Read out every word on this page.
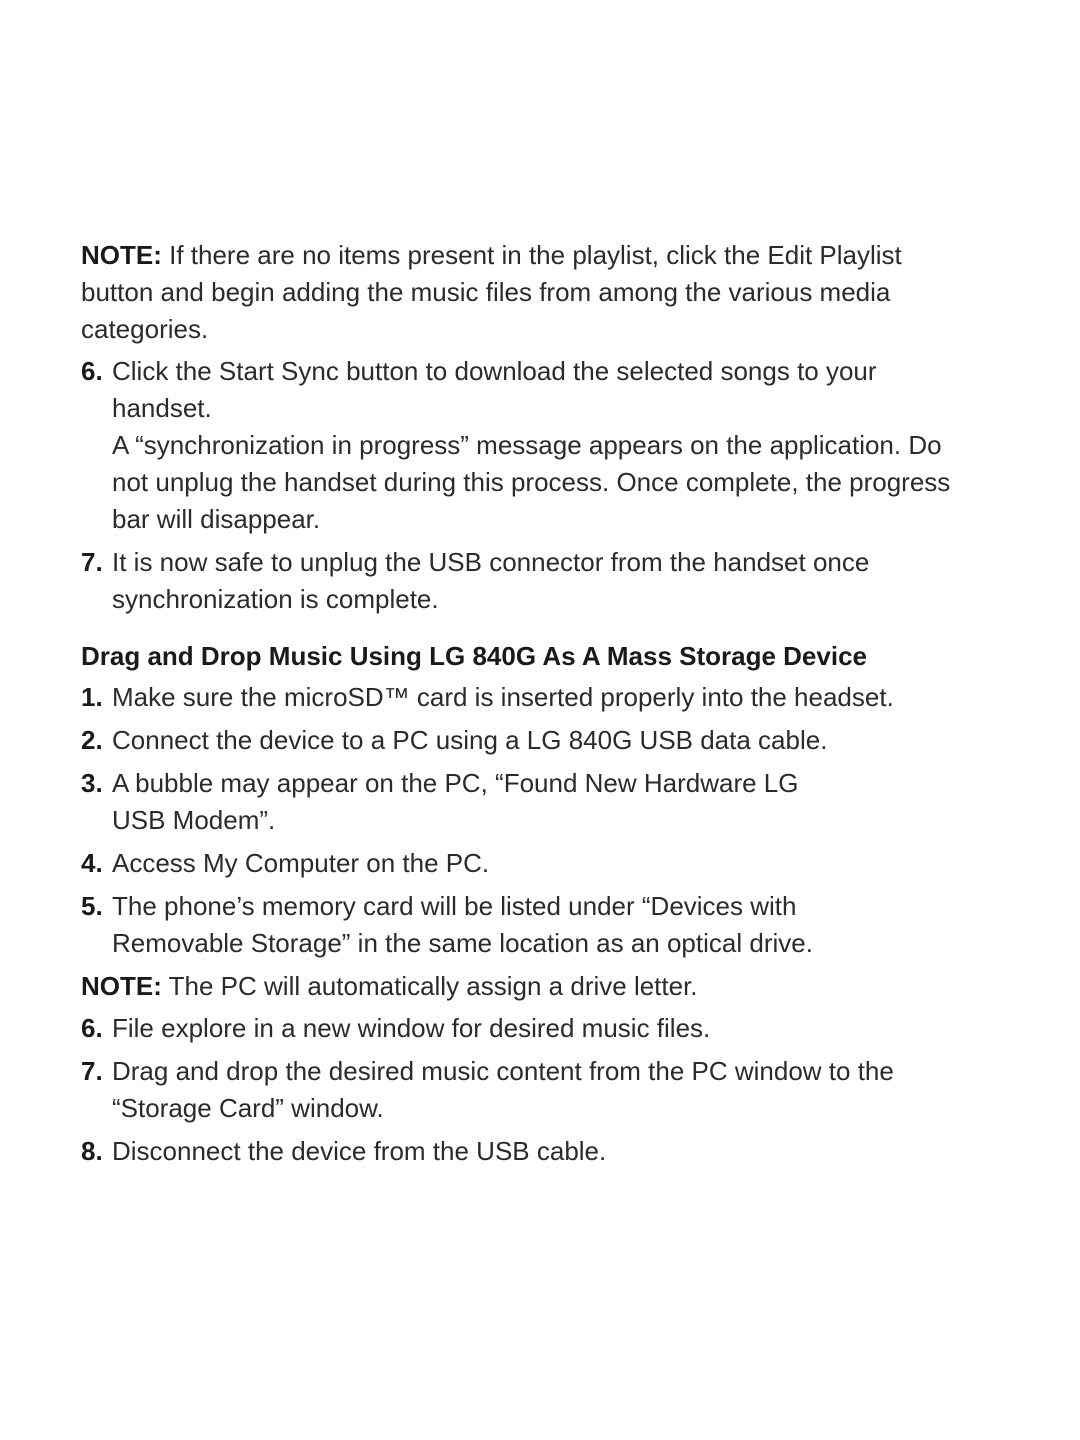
NOTE: If there are no items present in the playlist, click the Edit Playlist button and begin adding the music files from among the various media categories.

6. Click the Start Sync button to download the selected songs to your handset.
A “synchronization in progress” message appears on the application. Do not unplug the handset during this process. Once complete, the progress bar will disappear.
7. It is now safe to unplug the USB connector from the handset once synchronization is complete.
Drag and Drop Music Using LG 840G As A Mass Storage Device
1. Make sure the microSD™ card is inserted properly into the headset.
2. Connect the device to a PC using a LG 840G USB data cable.
3. A bubble may appear on the PC, “Found New Hardware LG USB Modem”.
4. Access My Computer on the PC.
5. The phone’s memory card will be listed under “Devices with Removable Storage” in the same location as an optical drive.

NOTE: The PC will automatically assign a drive letter.

6. File explore in a new window for desired music files.
7. Drag and drop the desired music content from the PC window to the “Storage Card” window.
8. Disconnect the device from the USB cable.
